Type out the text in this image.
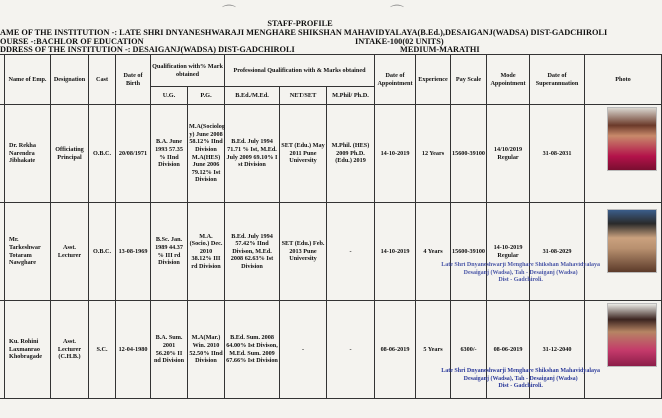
⌒	⌒
STAFF-PROFILE
AME OF THE INSTITUTION -: LATE SHRI DNYANESHWARAJI MENGHARE SHIKSHAN MAHAVIDYALAYA(B.Ed.),DESAIGANJ(WADSA) DIST-GADCHIROLI
OURSE -:BACHLOR OF EDUCATION	INTAKE-100(02 UNITS)
DDRESS OF THE INSTITUTION -: DESAIGANJ(WADSA) DIST-GADCHIROLI	MEDIUM-MARATHI
	Name of Emp.	Designation	Cast	Date of Birth	Qualification with% Mark obtained		Professional Qualification with & Marks obtained			Date of Appointment	Experience	Pay Scale	Mode Appointment	Date of Superannuation	Photo
					U.G.	P.G.	B.Ed./M.Ed.	NET/SET	M.Phil/ Ph.D.						
	Dr. Rekha Narendra Jibhakate	Officiating Principal	O.B.C.	20/08/1971	B.A. June 1993 57.35 % IInd Division	M.A(Sociolog y) June 2008 58.12% IInd Division M.A(HES) June 2006 79.12% Ist Division	B.Ed. July 1994 71.71 % Ist, M.Ed. July 2009 69.10% I st Division	SET (Edu.) May 2011 Pune University	M.Phil. (HES) 2009 Ph.D.(Edu.) 2019	14-10-2019	12 Years	15600-39100	14/10/2019 Regular	31-08-2031	

	Mr. Tarkeshwar Totaram Nawghare	Asst. Lecturer	O.B.C.	13-08-1969	B.Sc. Jan. 1989 44.37 % III rd Division	M.A. (Socio.) Dec. 2010 38.12% III rd Division	B.Ed. July 1994 57.42% IInd Divison, M.Ed. 2008 62.63% Ist Division	SET (Edu.) Feb. 2013 Pune University	-	14-10-2019	4 Years	15600-39100	14-10-2019 Regular	31-08-2029	

	Ku. Rohini Laxmanrao Khobragade	Asst. Lecturer (C.H.B.)	S.C.	12-04-1980	B.A. Sum. 2001 56.20% II nd Division	M.A(Mar.) Win. 2010 52.50% IInd Division	B.Ed. Sum. 2008 64.00% Ist Divison, M.Ed. Sum. 2009 67.66% Ist Division	-	-	08-06-2019	5 Years	6300/-	08-06-2019	31-12-2040	
Late Shri Dnyaneshwarji Menghare Shikshan Mahavidyalaya
Desaiganj (Wadsa), Tah - Desaiganj (Wadsa)
Dist - Gadchiroli.
Late Shri Dnyaneshwarji Menghare Shikshan Mahavidyalaya
Desaiganj (Wadsa), Tah - Desaiganj (Wadsa)
Dist - Gadchiroli.
